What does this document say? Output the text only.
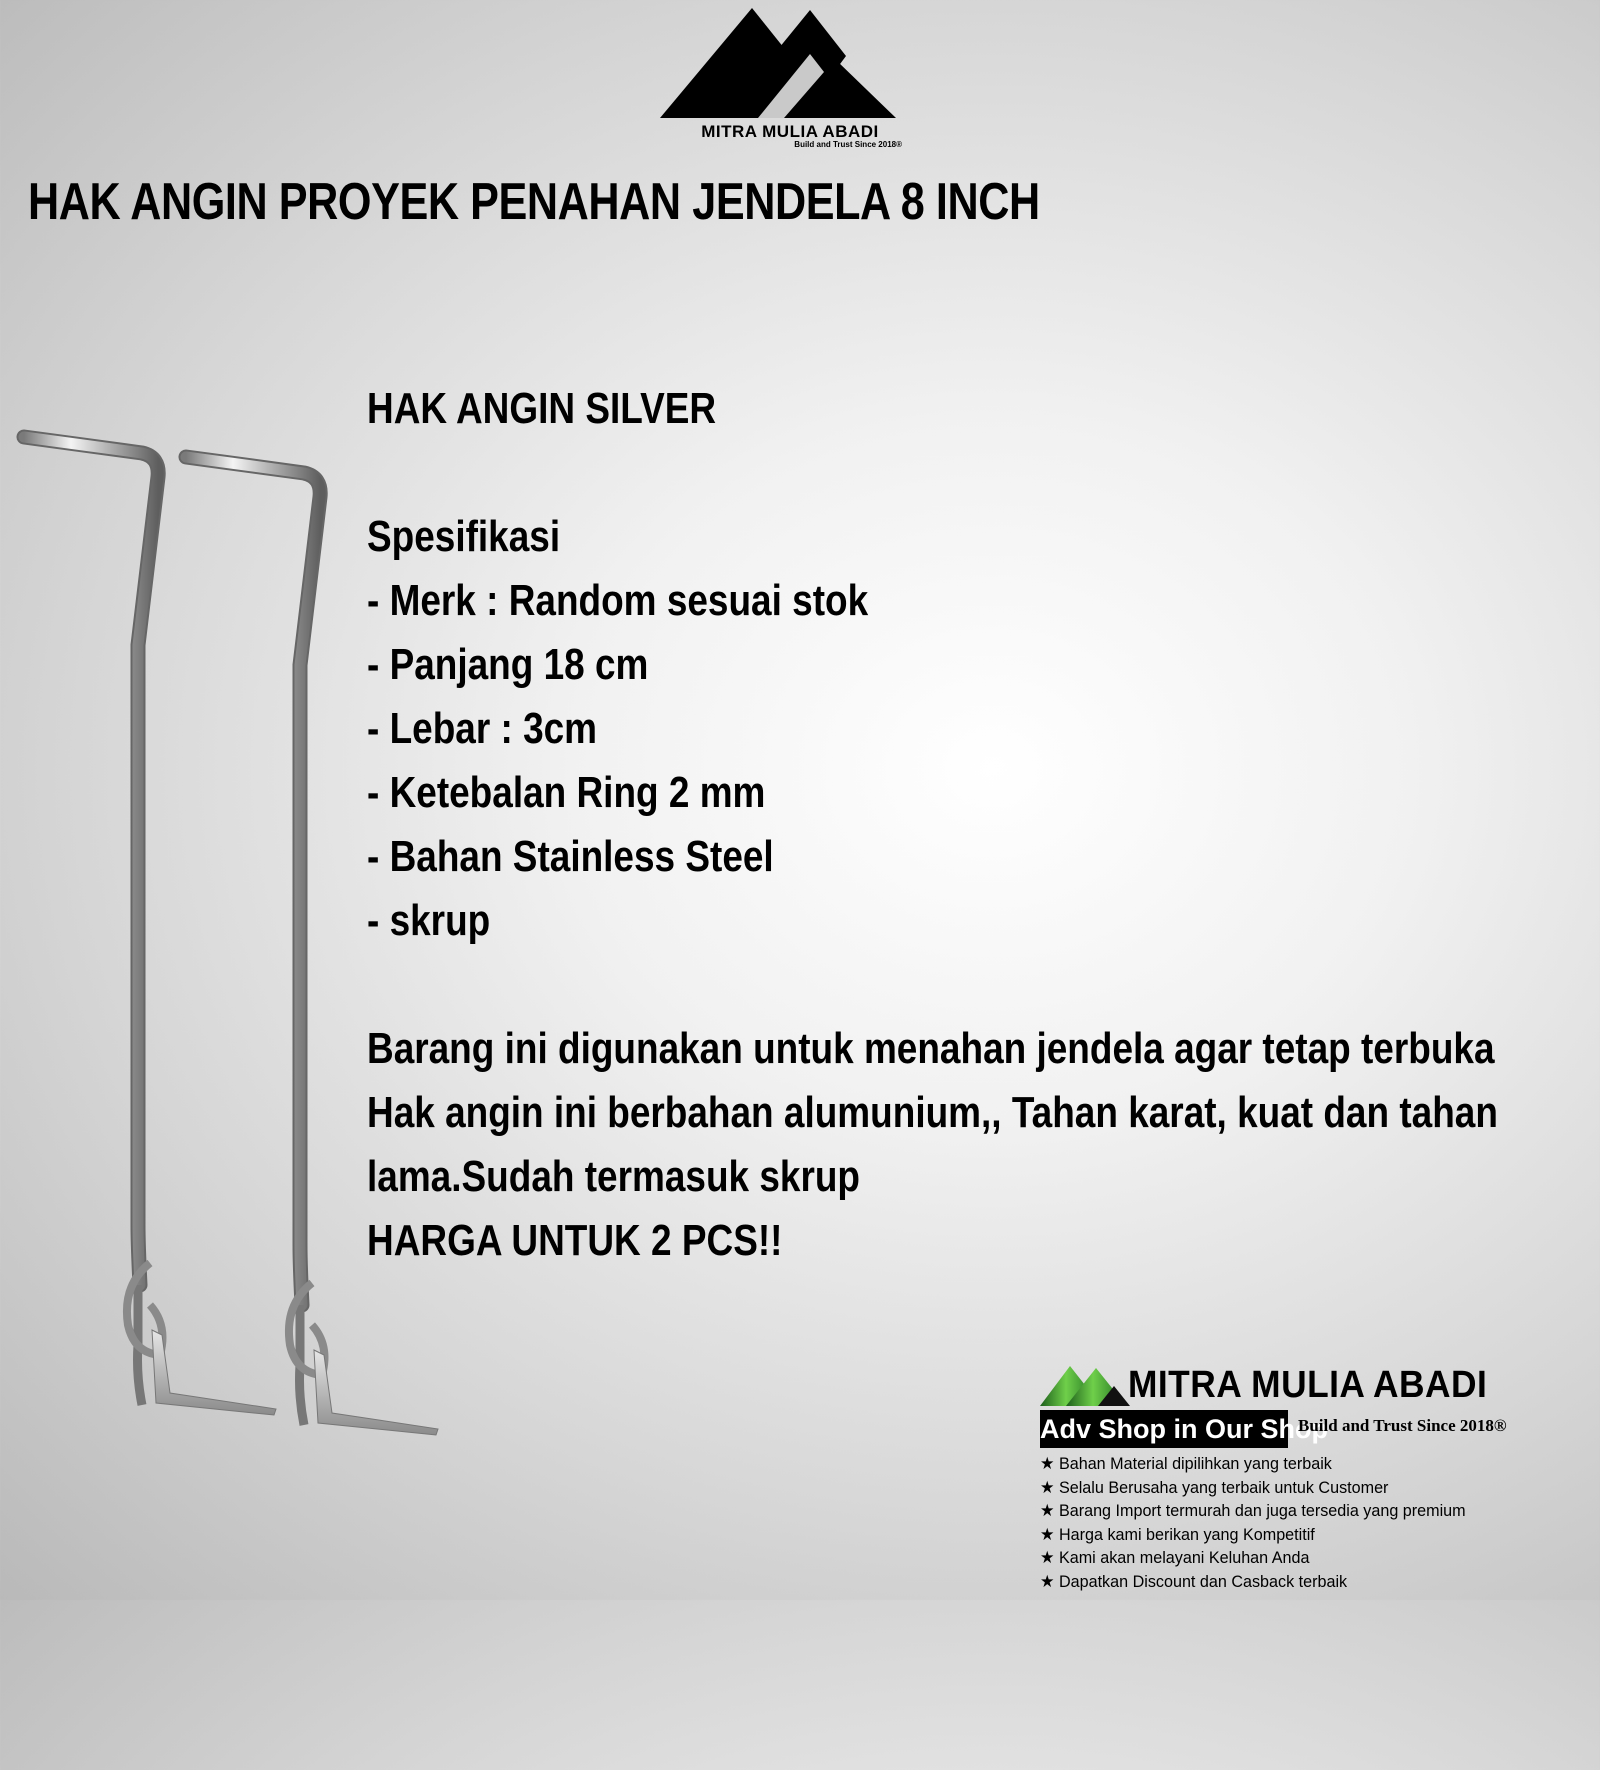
MITRA MULIA ABADI
Build and Trust Since 2018®
HAK ANGIN PROYEK PENAHAN JENDELA 8 INCH
HAK ANGIN SILVER
Spesifikasi
- Merk : Random sesuai stok
- Panjang 18 cm
- Lebar : 3cm
- Ketebalan Ring 2 mm
- Bahan Stainless Steel
- skrup
Barang ini digunakan untuk menahan jendela agar tetap terbuka
Hak angin ini berbahan alumunium,, Tahan karat, kuat dan tahan
lama.Sudah termasuk skrup
HARGA UNTUK 2 PCS!!
MITRA MULIA ABADI
Adv Shop in Our Shop
Build and Trust Since 2018®
★ Bahan Material dipilihkan yang terbaik
★ Selalu Berusaha yang terbaik untuk Customer
★ Barang Import termurah dan juga tersedia yang premium
★ Harga kami berikan yang Kompetitif
★ Kami akan melayani Keluhan Anda
★ Dapatkan Discount dan Casback terbaik
